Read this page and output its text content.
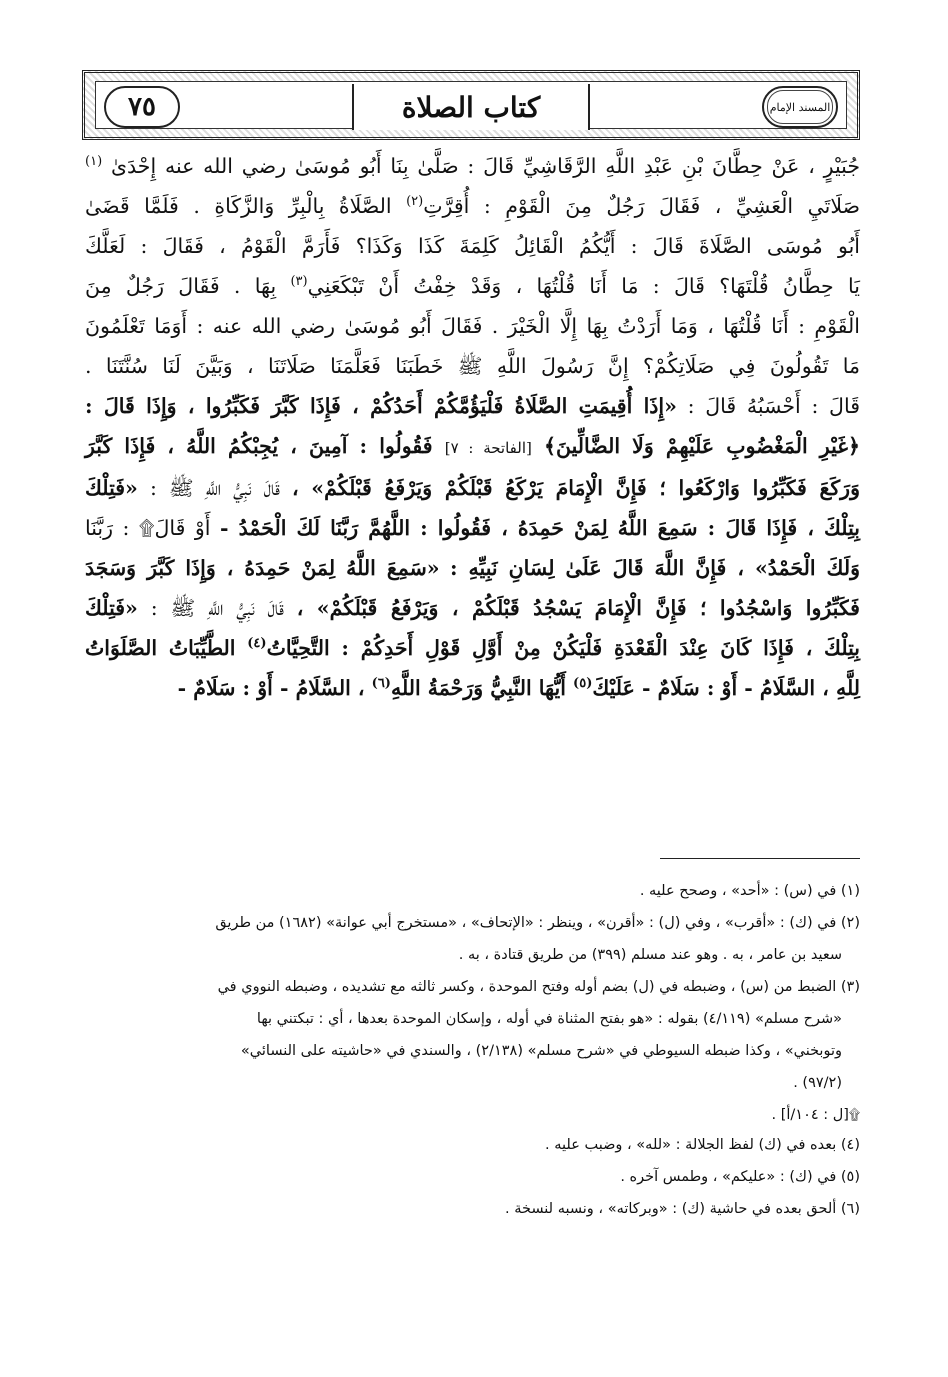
٧٥	كتاب الصلاة	المسند الإمام

جُبَيْرٍ ، عَنْ حِطَّانَ بْنِ عَبْدِ اللَّهِ الرَّقَاشِيِّ قَالَ : صَلَّىٰ بِنَا أَبُو مُوسَىٰ رضي الله عنه إِحْدَىٰ $^{(١)}$

صَلَاتَيِ الْعَشِيِّ ، فَقَالَ رَجُلٌ مِنَ الْقَوْمِ : أُقِرَّتِ$^{(٢)}$ الصَّلَاةُ بِالْبِرِّ وَالزَّكَاةِ . فَلَمَّا قَضَىٰ

أَبُو مُوسَى الصَّلَاةَ قَالَ : أَيُّكُمُ الْقَائِلُ كَلِمَةَ كَذَا وَكَذَا؟ فَأَرَمَّ الْقَوْمُ ، فَقَالَ : لَعَلَّكَ

يَا حِطَّانُ قُلْتَهَا؟ قَالَ : مَا أَنَا قُلْتُهَا ، وَقَدْ خِفْتُ أَنْ تَبْكَعَنِي$^{(٣)}$ بِهَا . فَقَالَ رَجُلٌ مِنَ

الْقَوْمِ : أَنَا قُلْتُهَا ، وَمَا أَرَدْتُ بِهَا إِلَّا الْخَيْرَ . فَقَالَ أَبُو مُوسَىٰ رضي الله عنه : أَوَمَا تَعْلَمُونَ

مَا تَقُولُونَ فِي صَلَاتِكُمْ؟ إِنَّ رَسُولَ اللَّهِ ﷺ خَطَبَنَا فَعَلَّمَنَا صَلَاتَنَا ، وَبَيَّنَ لَنَا سُنَّتَنَا .

قَالَ : أَحْسَبُهُ قَالَ : «إِذَا أُقِيمَتِ الصَّلَاةُ فَلْيَؤُمَّكُمْ أَحَدُكُمْ ، فَإِذَا كَبَّرَ فَكَبِّرُوا ، وَإِذَا قَالَ :

﴿غَيْرِ الْمَغْضُوبِ عَلَيْهِمْ وَلَا الضَّالِّينَ﴾ [الفاتحة : ٧] فَقُولُوا : آمِينَ ، يُجِبْكُمُ اللَّهُ ، فَإِذَا كَبَّرَ

وَرَكَعَ فَكَبِّرُوا وَارْكَعُوا ؛ فَإِنَّ الْإِمَامَ يَرْكَعُ قَبْلَكُمْ وَيَرْفَعُ قَبْلَكُمْ» ، قَالَ نَبِيُّ اللَّهِ ﷺ : «فَتِلْكَ

بِتِلْكَ ، فَإِذَا قَالَ : سَمِعَ اللَّهُ لِمَنْ حَمِدَهُ ، فَقُولُوا : اللَّهُمَّ رَبَّنَا لَكَ الْحَمْدُ - أَوْ قَالَ۩ : رَبَّنَا

وَلَكَ الْحَمْدُ» ، فَإِنَّ اللَّهَ قَالَ عَلَىٰ لِسَانِ نَبِيِّهِ : «سَمِعَ اللَّهُ لِمَنْ حَمِدَهُ ، وَإِذَا كَبَّرَ وَسَجَدَ

فَكَبِّرُوا وَاسْجُدُوا ؛ فَإِنَّ الْإِمَامَ يَسْجُدُ قَبْلَكُمْ ، وَيَرْفَعُ قَبْلَكُمْ» ، قَالَ نَبِيُّ اللَّهِ ﷺ : «فَتِلْكَ

بِتِلْكَ ، فَإِذَا كَانَ عِنْدَ الْقَعْدَةِ فَلْيَكُنْ مِنْ أَوَّلِ قَوْلِ أَحَدِكُمْ : التَّحِيَّاتُ$^{(٤)}$ الطَّيِّبَاتُ الصَّلَوَاتُ

لِلَّهِ ، السَّلَامُ - أَوْ : سَلَامٌ - عَلَيْكَ$^{(٥)}$ أَيُّهَا النَّبِيُّ وَرَحْمَةُ اللَّهِ$^{(٦)}$ ، السَّلَامُ - أَوْ : سَلَامٌ -

(١) في (س) : «أحد» ، وصحح عليه .

(٢) في (ك) : «أقرب» ، وفي (ل) : «أقرن» ، وينظر : «الإتحاف» ، «مستخرج أبي عوانة» (١٦٨٢) من طريق

سعيد بن عامر ، به . وهو عند مسلم (٣٩٩) من طريق قتادة ، به .

(٣) الضبط من (س) ، وضبطه في (ل) بضم أوله وفتح الموحدة ، وكسر ثالثه مع تشديده ، وضبطه النووي في

«شرح مسلم» (٤/١١٩) بقوله : «هو بفتح المثناة في أوله ، وإسكان الموحدة بعدها ، أي : تبكتني بها

وتوبخني» ، وكذا ضبطه السيوطي في «شرح مسلم» (٢/١٣٨) ، والسندي في «حاشيته على النسائي»

(٩٧/٢) .

۩[ل : ١٠٤/أ] .

(٤) بعده في (ك) لفظ الجلالة : «لله» ، وضبب عليه .

(٥) في (ك) : «عليكم» ، وطمس آخره .

(٦) ألحق بعده في حاشية (ك) : «وبركاته» ، ونسبه لنسخة .
